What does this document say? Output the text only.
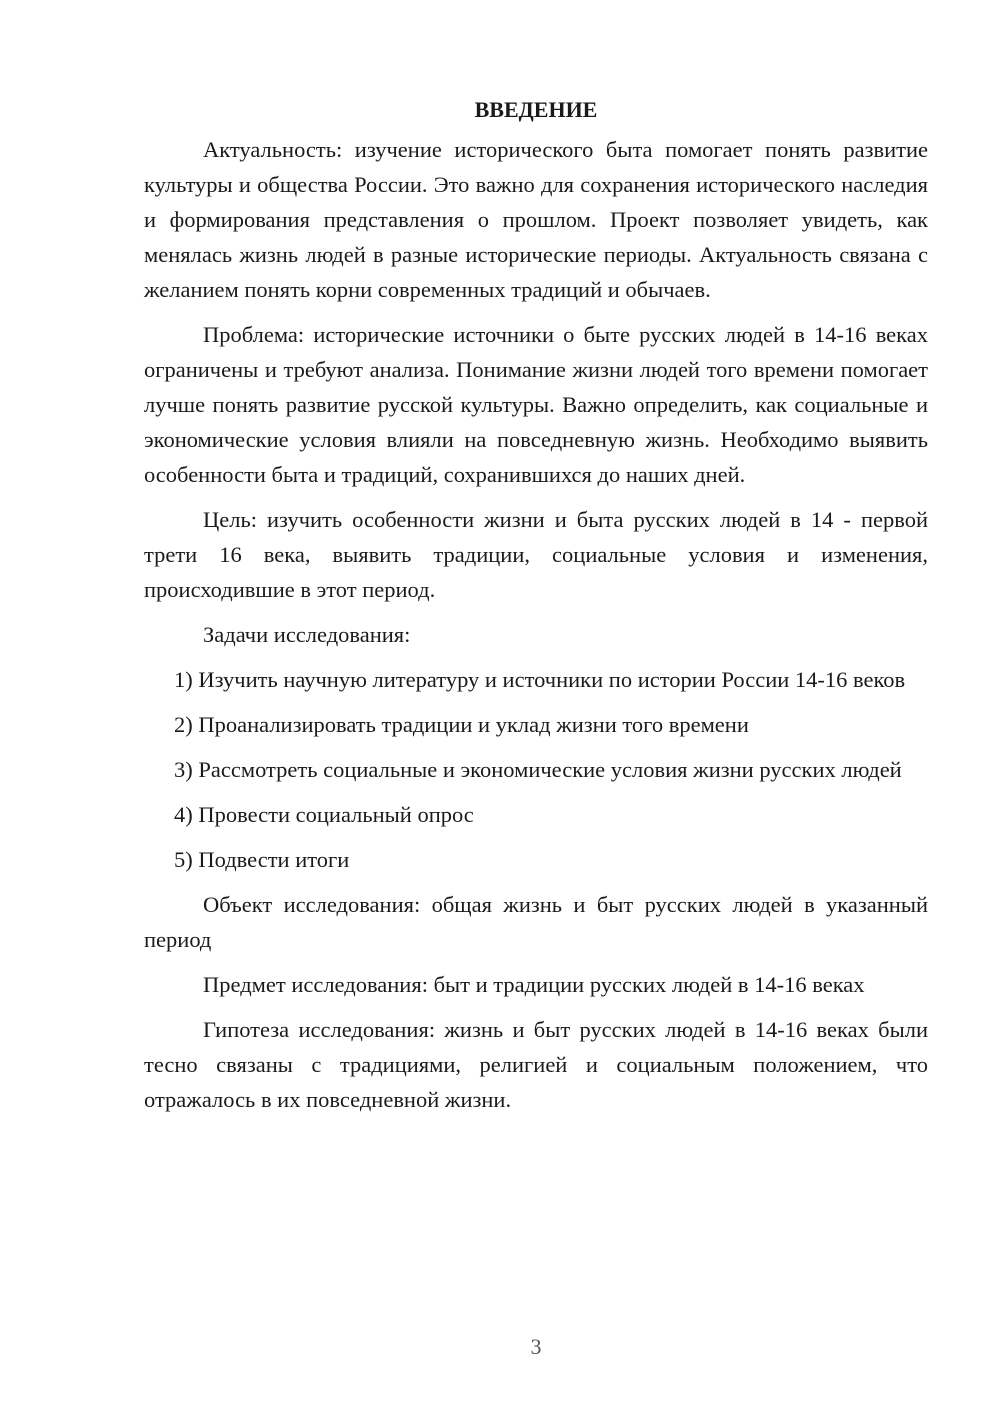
ВВЕДЕНИЕ

Актуальность: изучение исторического быта помогает понять развитие культуры и общества России. Это важно для сохранения исторического наследия и формирования представления о прошлом. Проект позволяет увидеть, как менялась жизнь людей в разные исторические периоды. Актуальность связана с желанием понять корни современных традиций и обычаев.

Проблема: исторические источники о быте русских людей в 14-16 веках ограничены и требуют анализа. Понимание жизни людей того времени помогает лучше понять развитие русской культуры. Важно определить, как социальные и экономические условия влияли на повседневную жизнь. Необходимо выявить особенности быта и традиций, сохранившихся до наших дней.

Цель: изучить особенности жизни и быта русских людей в 14 - первой трети 16 века, выявить традиции, социальные условия и изменения, происходившие в этот период.

Задачи исследования:

1) Изучить научную литературу и источники по истории России 14-16 веков

2) Проанализировать традиции и уклад жизни того времени

3) Рассмотреть социальные и экономические условия жизни русских людей

4) Провести социальный опрос

5) Подвести итоги

Объект исследования: общая жизнь и быт русских людей в указанный период

Предмет исследования: быт и традиции русских людей в 14-16 веках

Гипотеза исследования: жизнь и быт русских людей в 14-16 веках были тесно связаны с традициями, религией и социальным положением, что отражалось в их повседневной жизни.

3
